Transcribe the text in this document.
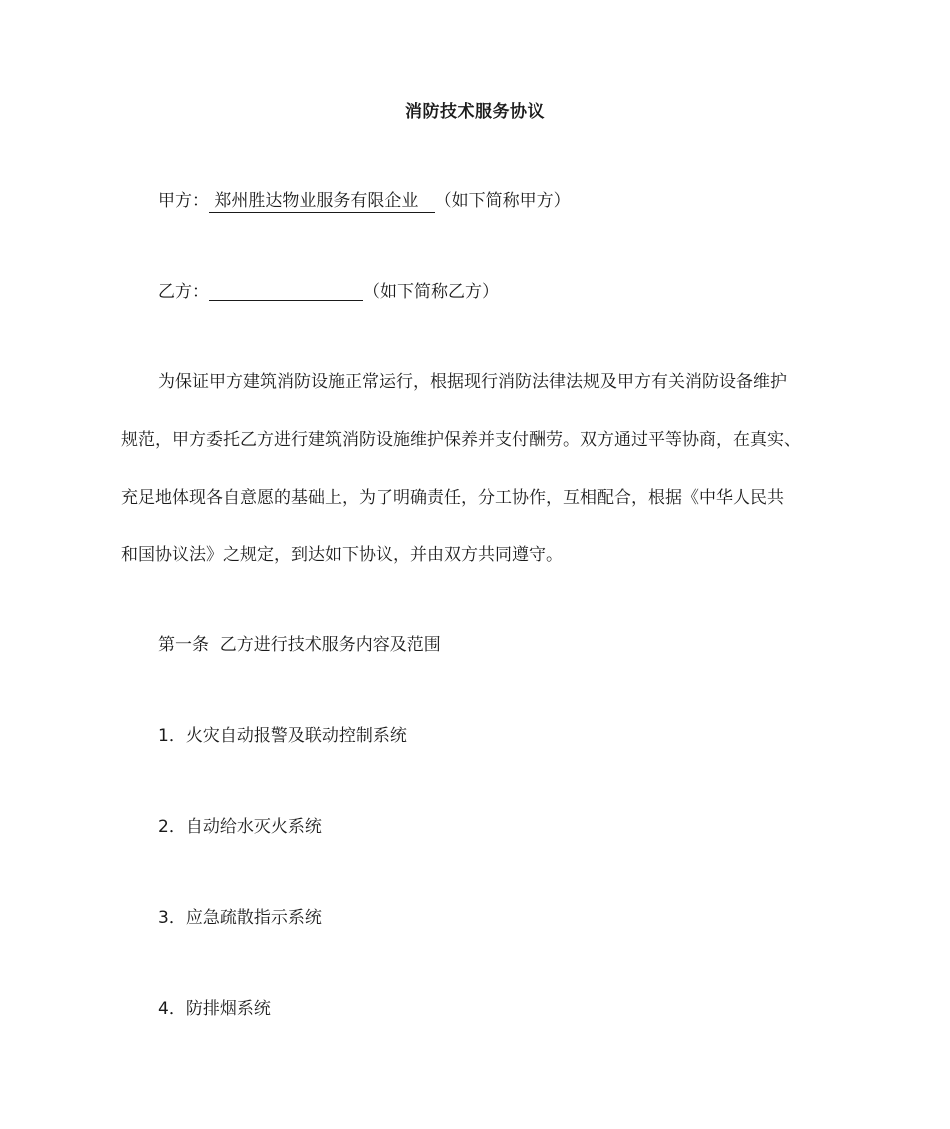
消防技术服务协议
甲方： 郑州胜达物业服务有限企业   （如下简称甲方）
乙方：	（如下简称乙方）
为保证甲方建筑消防设施正常运行，根据现行消防法律法规及甲方有关消防设备维护
规范，甲方委托乙方进行建筑消防设施维护保养并支付酬劳。双方通过平等协商，在真实、
充足地体现各自意愿的基础上，为了明确责任，分工协作，互相配合，根据《中华人民共
和国协议法》之规定，到达如下协议，并由双方共同遵守。
第一条  乙方进行技术服务内容及范围
1．火灾自动报警及联动控制系统
2．自动给水灭火系统
3．应急疏散指示系统
4．防排烟系统
